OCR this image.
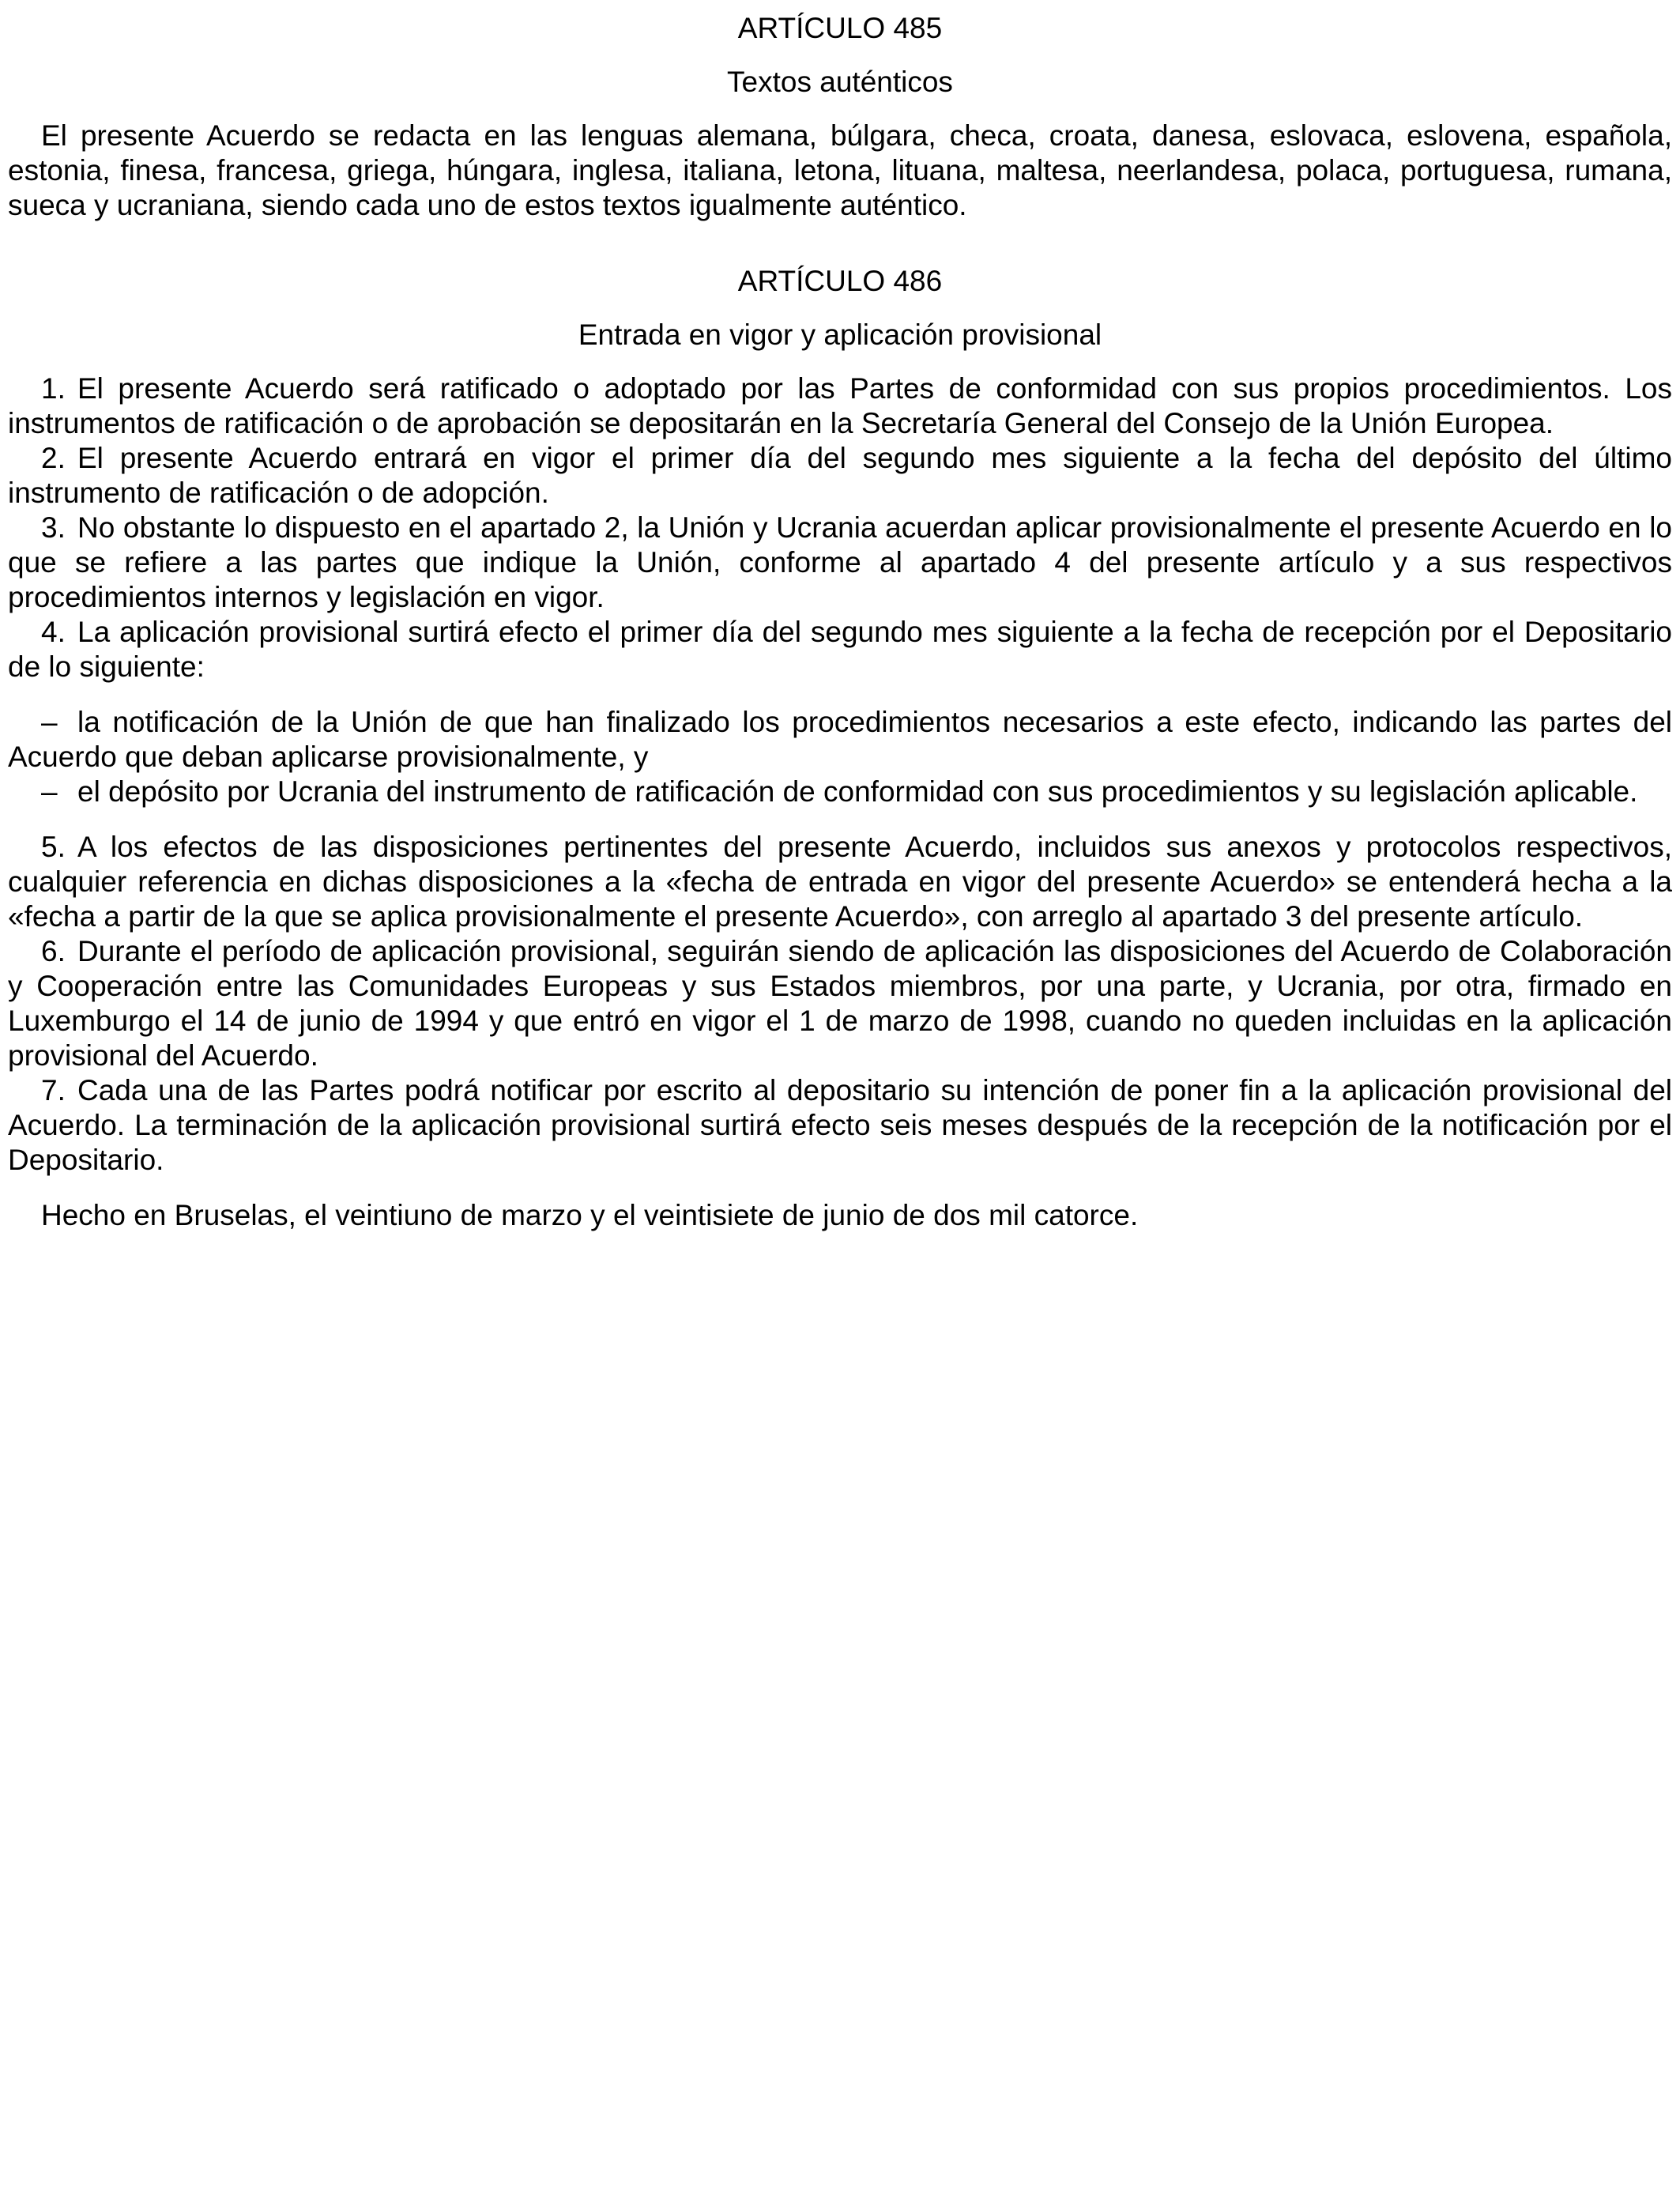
ARTÍCULO 485

Textos auténticos

El presente Acuerdo se redacta en las lenguas alemana, búlgara, checa, croata, danesa, eslovaca, eslovena, española, estonia, finesa, francesa, griega, húngara, inglesa, italiana, letona, lituana, maltesa, neerlandesa, polaca, portuguesa, rumana, sueca y ucraniana, siendo cada uno de estos textos igualmente auténtico.

ARTÍCULO 486

Entrada en vigor y aplicación provisional

1. El presente Acuerdo será ratificado o adoptado por las Partes de conformidad con sus propios procedimientos. Los instrumentos de ratificación o de aprobación se depositarán en la Secretaría General del Consejo de la Unión Europea.

2. El presente Acuerdo entrará en vigor el primer día del segundo mes siguiente a la fecha del depósito del último instrumento de ratificación o de adopción.

3. No obstante lo dispuesto en el apartado 2, la Unión y Ucrania acuerdan aplicar provisionalmente el presente Acuerdo en lo que se refiere a las partes que indique la Unión, conforme al apartado 4 del presente artículo y a sus respectivos procedimientos internos y legislación en vigor.

4. La aplicación provisional surtirá efecto el primer día del segundo mes siguiente a la fecha de recepción por el Depositario de lo siguiente:

– la notificación de la Unión de que han finalizado los procedimientos necesarios a este efecto, indicando las partes del Acuerdo que deban aplicarse provisionalmente, y

– el depósito por Ucrania del instrumento de ratificación de conformidad con sus procedimientos y su legislación aplicable.

5. A los efectos de las disposiciones pertinentes del presente Acuerdo, incluidos sus anexos y protocolos respectivos, cualquier referencia en dichas disposiciones a la «fecha de entrada en vigor del presente Acuerdo» se entenderá hecha a la «fecha a partir de la que se aplica provisionalmente el presente Acuerdo», con arreglo al apartado 3 del presente artículo.

6. Durante el período de aplicación provisional, seguirán siendo de aplicación las disposiciones del Acuerdo de Colaboración y Cooperación entre las Comunidades Europeas y sus Estados miembros, por una parte, y Ucrania, por otra, firmado en Luxemburgo el 14 de junio de 1994 y que entró en vigor el 1 de marzo de 1998, cuando no queden incluidas en la aplicación provisional del Acuerdo.

7. Cada una de las Partes podrá notificar por escrito al depositario su intención de poner fin a la aplicación provisional del Acuerdo. La terminación de la aplicación provisional surtirá efecto seis meses después de la recepción de la notificación por el Depositario.

Hecho en Bruselas, el veintiuno de marzo y el veintisiete de junio de dos mil catorce.
